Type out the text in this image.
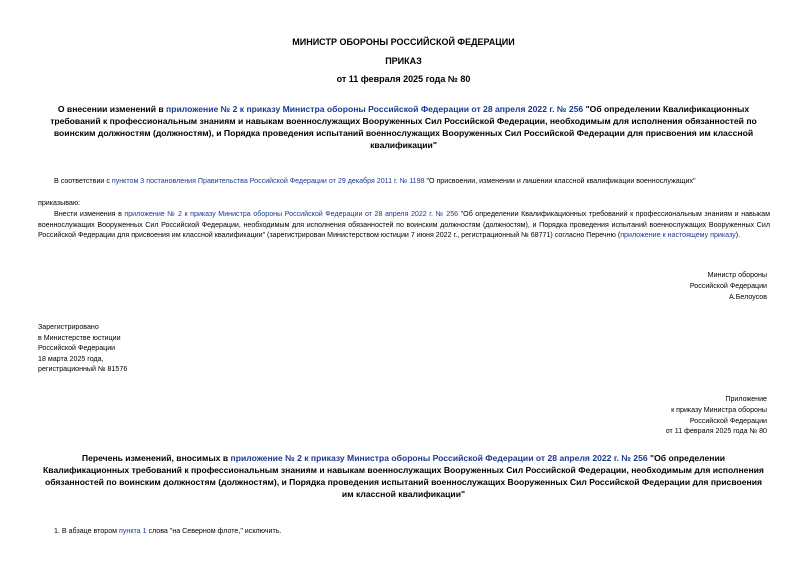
МИНИСТР ОБОРОНЫ РОССИЙСКОЙ ФЕДЕРАЦИИ
ПРИКАЗ
от 11 февраля 2025 года № 80
О внесении изменений в приложение № 2 к приказу Министра обороны Российской Федерации от 28 апреля 2022 г. № 256 "Об определении Квалификационных требований к профессиональным знаниям и навыкам военнослужащих Вооруженных Сил Российской Федерации, необходимым для исполнения обязанностей по воинским должностям (должностям), и Порядка проведения испытаний военнослужащих Вооруженных Сил Российской Федерации для присвоения им классной квалификации"
В соответствии с пунктом 3 постановления Правительства Российской Федерации от 29 декабря 2011 г. № 1198 "О присвоении, изменении и лишении классной квалификации военнослужащих"
приказываю:
Внести изменения в приложение № 2 к приказу Министра обороны Российской Федерации от 28 апреля 2022 г. № 256 "Об определении Квалификационных требований к профессиональным знаниям и навыкам военнослужащих Вооруженных Сил Российской Федерации, необходимым для исполнения обязанностей по воинским должностям (должностям), и Порядка проведения испытаний военнослужащих Вооруженных Сил Российской Федерации для присвоения им классной квалификации" (зарегистрирован Министерством юстиции 7 июня 2022 г., регистрационный № 68771) согласно Перечню (приложение к настоящему приказу).
Министр обороны
Российской Федерации
А.Белоусов
Зарегистрировано
в Министерстве юстиции
Российской Федерации
18 марта 2025 года,
регистрационный № 81576
Приложение
к приказу Министра обороны
Российской Федерации
от 11 февраля 2025 года № 80
Перечень изменений, вносимых в приложение № 2 к приказу Министра обороны Российской Федерации от 28 апреля 2022 г. № 256 "Об определении Квалификационных требований к профессиональным знаниям и навыкам военнослужащих Вооруженных Сил Российской Федерации, необходимым для исполнения обязанностей по воинским должностям (должностям), и Порядка проведения испытаний военнослужащих Вооруженных Сил Российской Федерации для присвоения им классной квалификации"
1. В абзаце втором пункта 1 слова "на Северном флоте," исключить.
